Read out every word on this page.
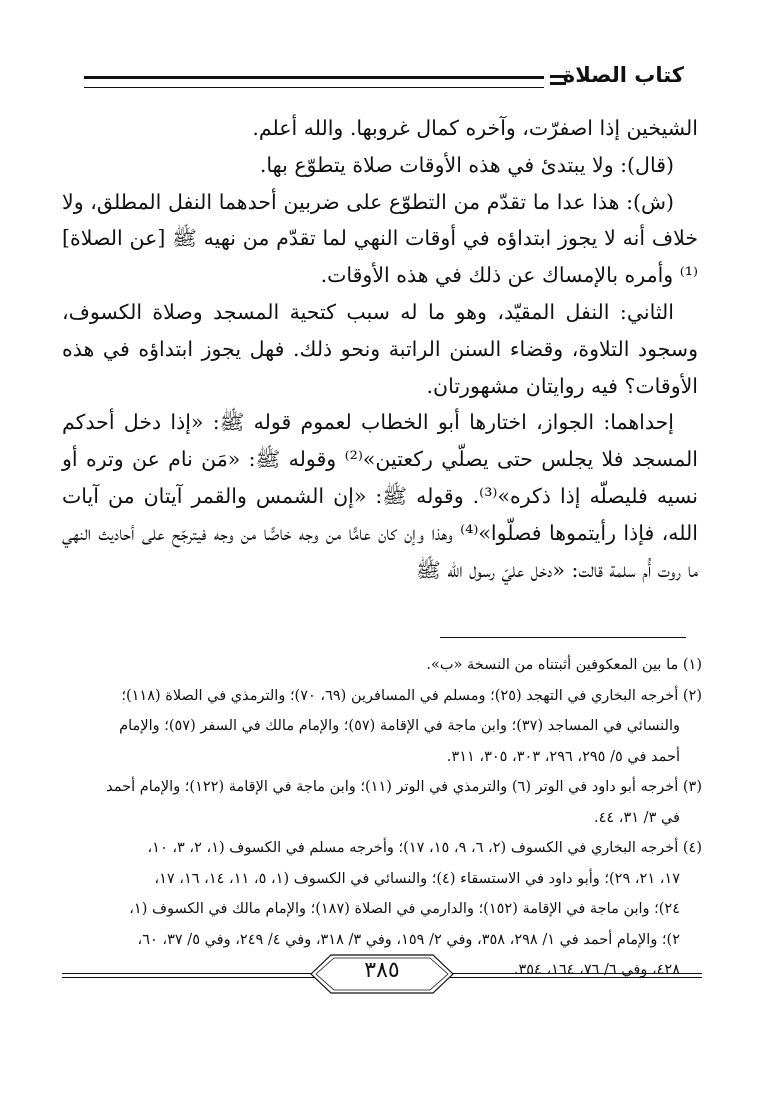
كتاب الصلاة

الشيخين إذا اصفرّت، وآخره كمال غروبها. والله أعلم.

(قال): ولا يبتدئ في هذه الأوقات صلاة يتطوّع بها.

(ش): هذا عدا ما تقدّم من التطوّع على ضربين أحدهما النفل المطلق، ولا خلاف أنه لا يجوز ابتداؤه في أوقات النهي لما تقدّم من نهيه ﷺ [عن الصلاة]⁽¹⁾ وأمره بالإمساك عن ذلك في هذه الأوقات.

الثاني: النفل المقيّد، وهو ما له سبب كتحية المسجد وصلاة الكسوف، وسجود التلاوة، وقضاء السنن الراتبة ونحو ذلك. فهل يجوز ابتداؤه في هذه الأوقات؟ فيه روايتان مشهورتان.

إحداهما: الجواز، اختارها أبو الخطاب لعموم قوله ﷺ: «إذا دخل أحدكم المسجد فلا يجلس حتى يصلّي ركعتين»⁽²⁾ وقوله ﷺ: «مَن نام عن وتره أو نسيه فليصلّه إذا ذكره»⁽³⁾. وقوله ﷺ: «إن الشمس والقمر آيتان من آيات الله، فإذا رأيتموها فصلّوا»⁽⁴⁾ وهذا وإن كان عامًّا من وجه خاصًّا من وجه فيترجّح على أحاديث النهي ما روت أُم سلمة قالت: «دخل عليّ رسول الله ﷺ

(١) ما بين المعكوفين أثبتناه من النسخة «ب».
(٢) أخرجه البخاري في التهجد (٢٥)؛ ومسلم في المسافرين (٦٩، ٧٠)؛ والترمذي في الصلاة (١١٨)؛
والنسائي في المساجد (٣٧)؛ وابن ماجة في الإقامة (٥٧)؛ والإمام مالك في السفر (٥٧)؛ والإمام
أحمد في ٥/ ٢٩٥، ٢٩٦، ٣٠٣، ٣٠٥، ٣١١.
(٣) أخرجه أبو داود في الوتر (٦) والترمذي في الوتر (١١)؛ وابن ماجة في الإقامة (١٢٢)؛ والإمام أحمد
في ٣/ ٣١، ٤٤.
(٤) أخرجه البخاري في الكسوف (٢، ٦، ٩، ١٥، ١٧)؛ وأخرجه مسلم في الكسوف (١، ٢، ٣، ١٠،
١٧، ٢١، ٢٩)؛ وأبو داود في الاستسقاء (٤)؛ والنسائي في الكسوف (١، ٥، ١١، ١٤، ١٦، ١٧،
٢٤)؛ وابن ماجة في الإقامة (١٥٢)؛ والدارمي في الصلاة (١٨٧)؛ والإمام مالك في الكسوف (١،
٢)؛ والإمام أحمد في ١/ ٢٩٨، ٣٥٨، وفي ٢/ ١٥٩، وفي ٣/ ٣١٨، وفي ٤/ ٢٤٩، وفي ٥/ ٣٧، ٦٠،
٤٢٨، وفي ٦/ ٧٦، ١٦٤، ٣٥٤.
٣٨٥
